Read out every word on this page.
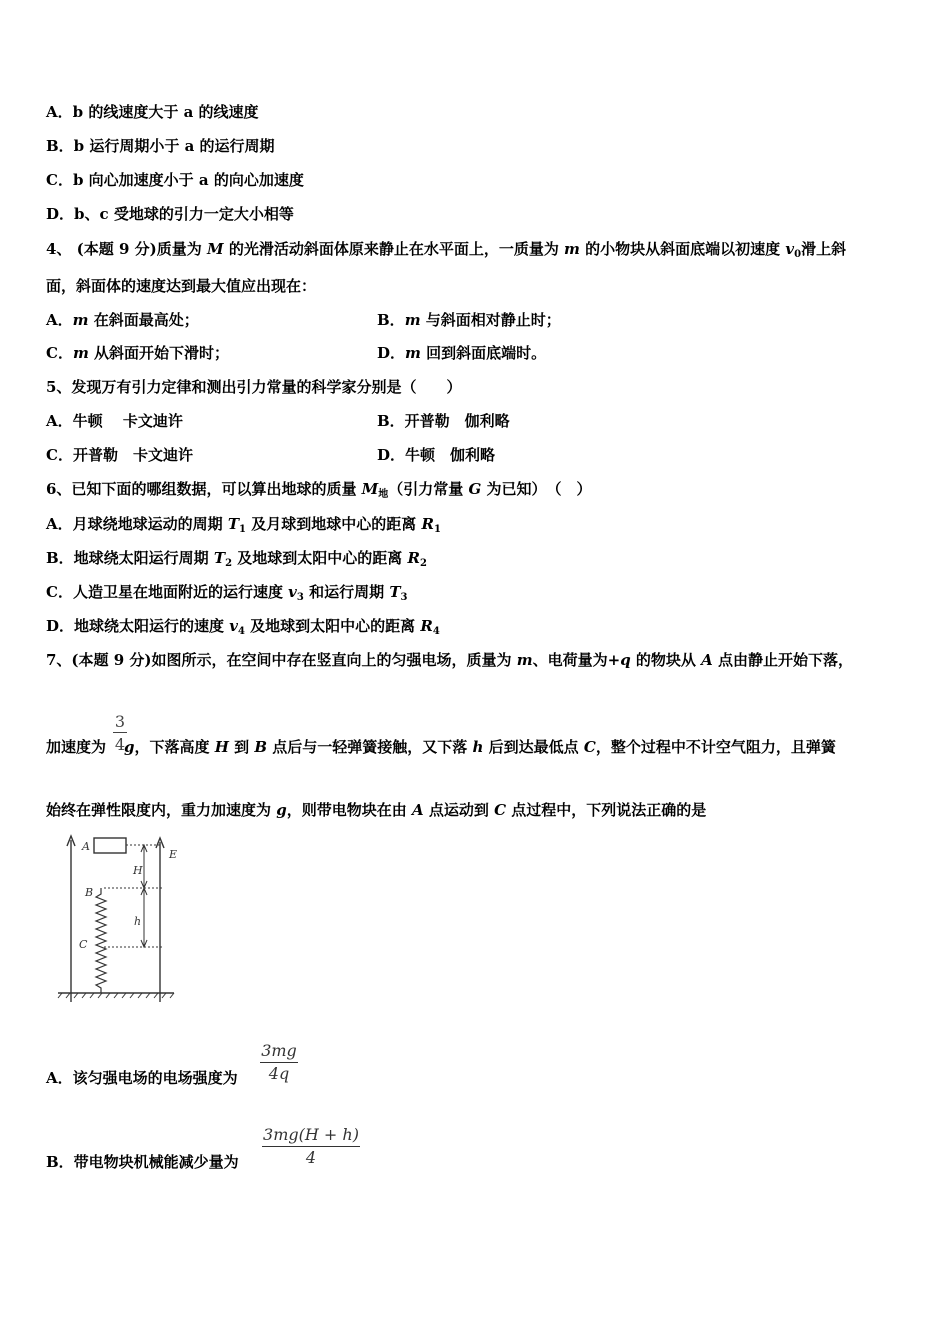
A．b 的线速度大于 a 的线速度
B．b 运行周期小于 a 的运行周期
C．b 向心加速度小于 a 的向心加速度
D．b、c 受地球的引力一定大小相等
4、 (本题 9 分)质量为 M 的光滑活动斜面体原来静止在水平面上，一质量为 m 的小物块从斜面底端以初速度 $v_0$滑上斜
面，斜面体的速度达到最大值应出现在：
A．m 在斜面最高处；	B．m 与斜面相对静止时；
C．m 从斜面开始下滑时；	D．m 回到斜面底端时。
5、发现万有引力定律和测出引力常量的科学家分别是（　　）
A．牛顿　 卡文迪许	B．开普勒　伽利略
C．开普勒　卡文迪许	D．牛顿　伽利略
6、已知下面的哪组数据，可以算出地球的质量 $M_地$（引力常量 G 为已知）　（　）
A．月球绕地球运动的周期 $T_1$ 及月球到地球中心的距离 $R_1$
B．地球绕太阳运行周期 $T_2$ 及地球到太阳中心的距离 $R_2$
C．人造卫星在地面附近的运行速度 $v_3$ 和运行周期 $T_3$
D．地球绕太阳运行的速度 $v_4$ 及地球到太阳中心的距离 $R_4$
7、(本题 9 分)如图所示，在空间中存在竖直向上的匀强电场，质量为 m、电荷量为+q 的物块从 A 点由静止开始下落，
3
4
加速度为 g，下落高度 H 到 B 点后与一轻弹簧接触，又下落 h 后到达最低点 C，整个过程中不计空气阻力，且弹簧
始终在弹性限度内，重力加速度为 g，则带电物块在由 A 点运动到 C 点过程中，下列说法正确的是
A
B
C
E
H
h
A．该匀强电场的电场强度为
3mg
4q
B．带电物块机械能减少量为
3mg(H + h)
4
